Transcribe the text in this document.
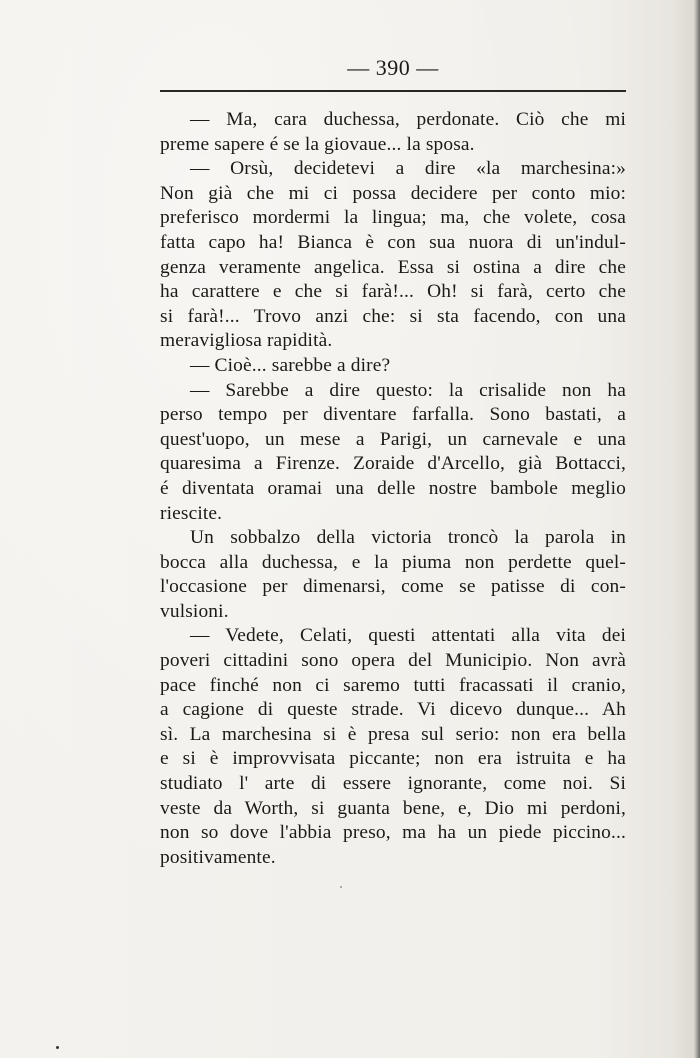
— 390 —
— Ma, cara duchessa, perdonate. Ciò che mi
preme sapere é se la giovaue... la sposa.
— Orsù, decidetevi a dire «la marchesina:»
Non già che mi ci possa decidere per conto mio:
preferisco mordermi la lingua; ma, che volete, cosa
fatta capo ha! Bianca è con sua nuora di un'indul-
genza veramente angelica. Essa si ostina a dire che
ha carattere e che si farà!... Oh! si farà, certo che
si farà!... Trovo anzi che: si sta facendo, con una
meravigliosa rapidità.
— Cioè... sarebbe a dire?
— Sarebbe a dire questo: la crisalide non ha
perso tempo per diventare farfalla. Sono bastati, a
quest'uopo, un mese a Parigi, un carnevale e una
quaresima a Firenze. Zoraide d'Arcello, già Bottacci,
é diventata oramai una delle nostre bambole meglio
riescite.
Un sobbalzo della victoria troncò la parola in
bocca alla duchessa, e la piuma non perdette quel-
l'occasione per dimenarsi, come se patisse di con-
vulsioni.
— Vedete, Celati, questi attentati alla vita dei
poveri cittadini sono opera del Municipio. Non avrà
pace finché non ci saremo tutti fracassati il cranio,
a cagione di queste strade. Vi dicevo dunque... Ah
sì. La marchesina si è presa sul serio: non era bella
e si è improvvisata piccante; non era istruita e ha
studiato l' arte di essere ignorante, come noi. Si
veste da Worth, si guanta bene, e, Dio mi perdoni,
non so dove l'abbia preso, ma ha un piede piccino...
positivamente.
